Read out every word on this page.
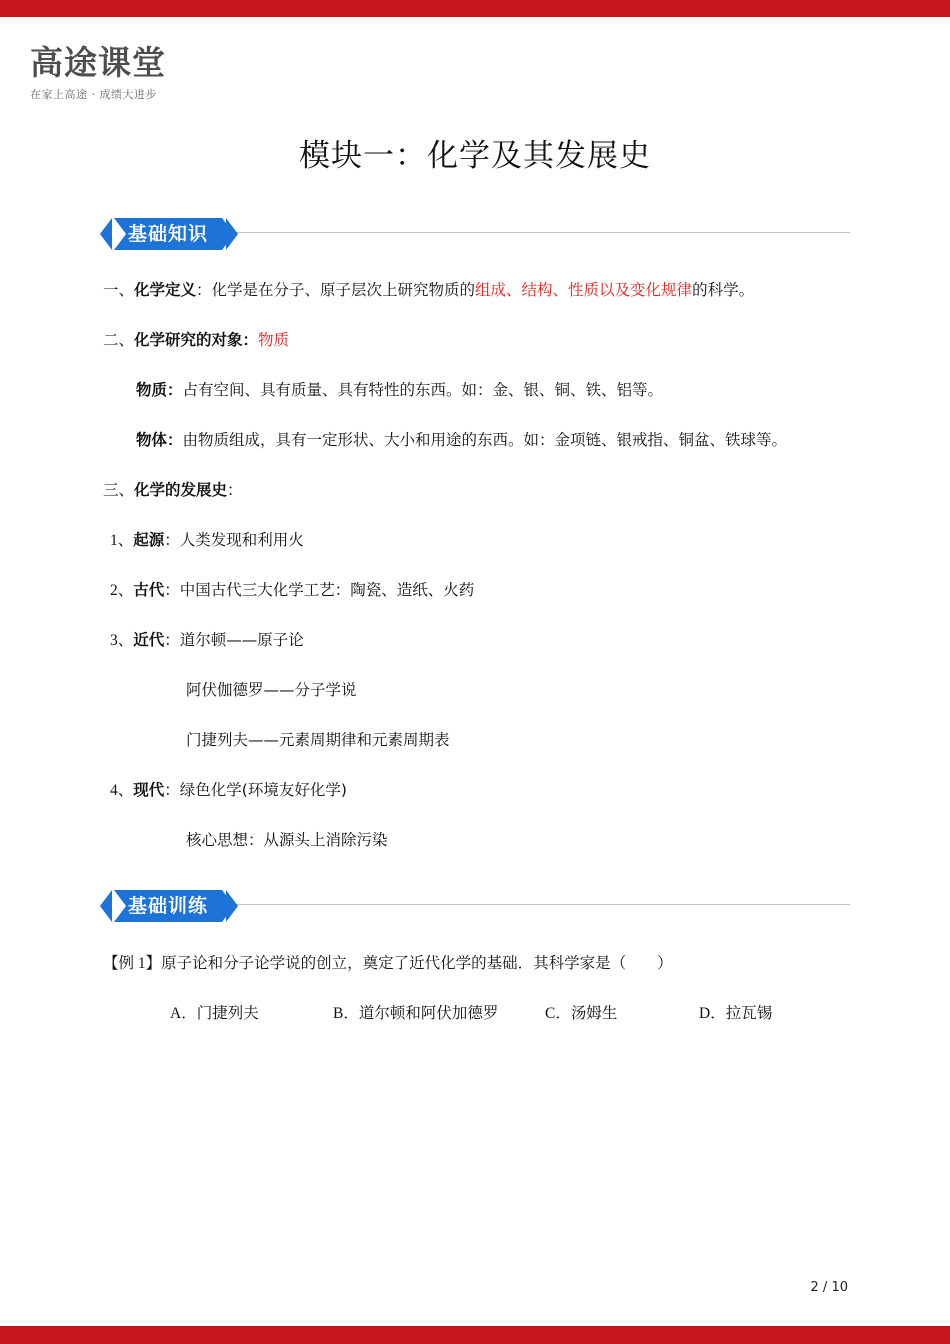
高途课堂
在家上高途 · 成绩大进步
模块一：化学及其发展史
基础知识
一、化学定义：化学是在分子、原子层次上研究物质的组成、结构、性质以及变化规律的科学。
二、化学研究的对象：物质
物质：占有空间、具有质量、具有特性的东西。如：金、银、铜、铁、铝等。
物体：由物质组成，具有一定形状、大小和用途的东西。如：金项链、银戒指、铜盆、铁球等。
三、化学的发展史：
1、起源：人类发现和利用火
2、古代：中国古代三大化学工艺：陶瓷、造纸、火药
3、近代：道尔顿——原子论
阿伏伽德罗——分子学说
门捷列夫——元素周期律和元素周期表
4、现代：绿色化学(环境友好化学)
核心思想：从源头上消除污染
基础训练
【例 1】原子论和分子论学说的创立，奠定了近代化学的基础．其科学家是（　　）
A．门捷列夫	B．道尔顿和阿伏加德罗	C．汤姆生	D．拉瓦锡
2 / 10
